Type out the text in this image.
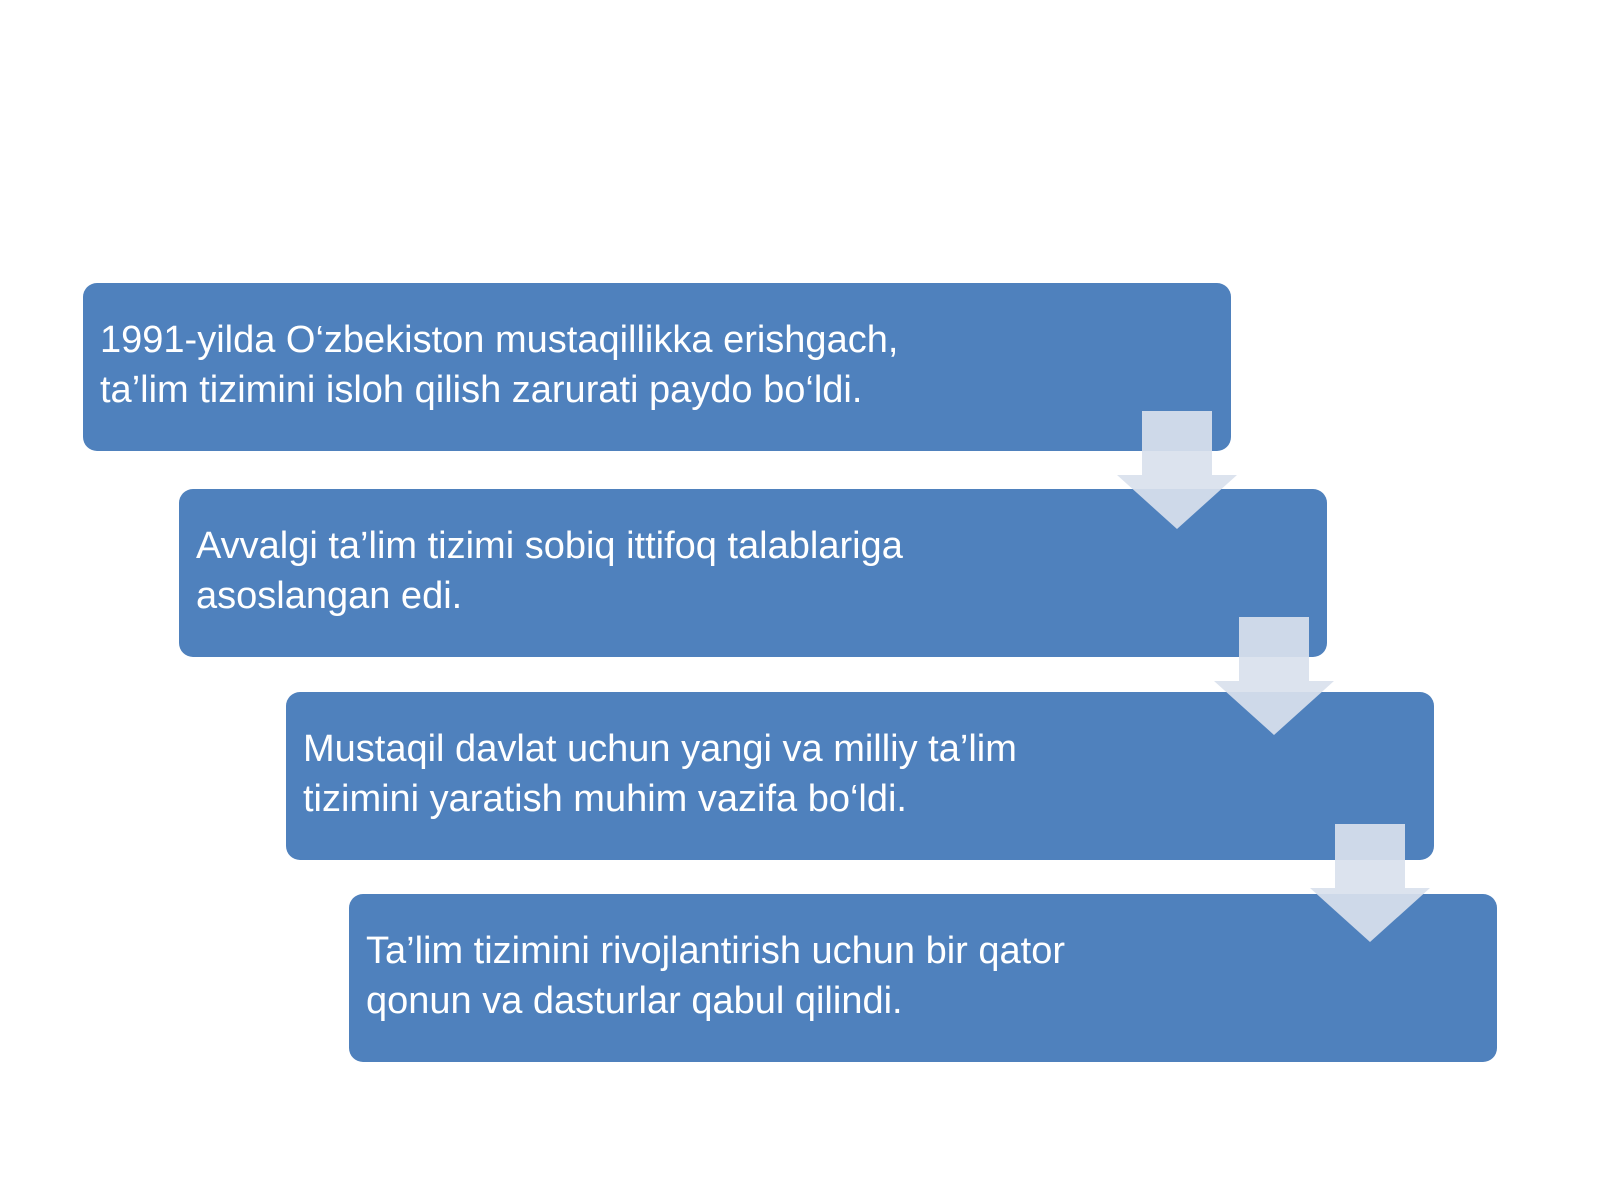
1991-yilda O‘zbekiston mustaqillikka erishgach,
ta’lim tizimini isloh qilish zarurati paydo bo‘ldi.
Avvalgi ta’lim tizimi sobiq ittifoq talablariga
asoslangan edi.
Mustaqil davlat uchun yangi va milliy ta’lim
tizimini yaratish muhim vazifa bo‘ldi.
Ta’lim tizimini rivojlantirish uchun bir qator
qonun va dasturlar qabul qilindi.
